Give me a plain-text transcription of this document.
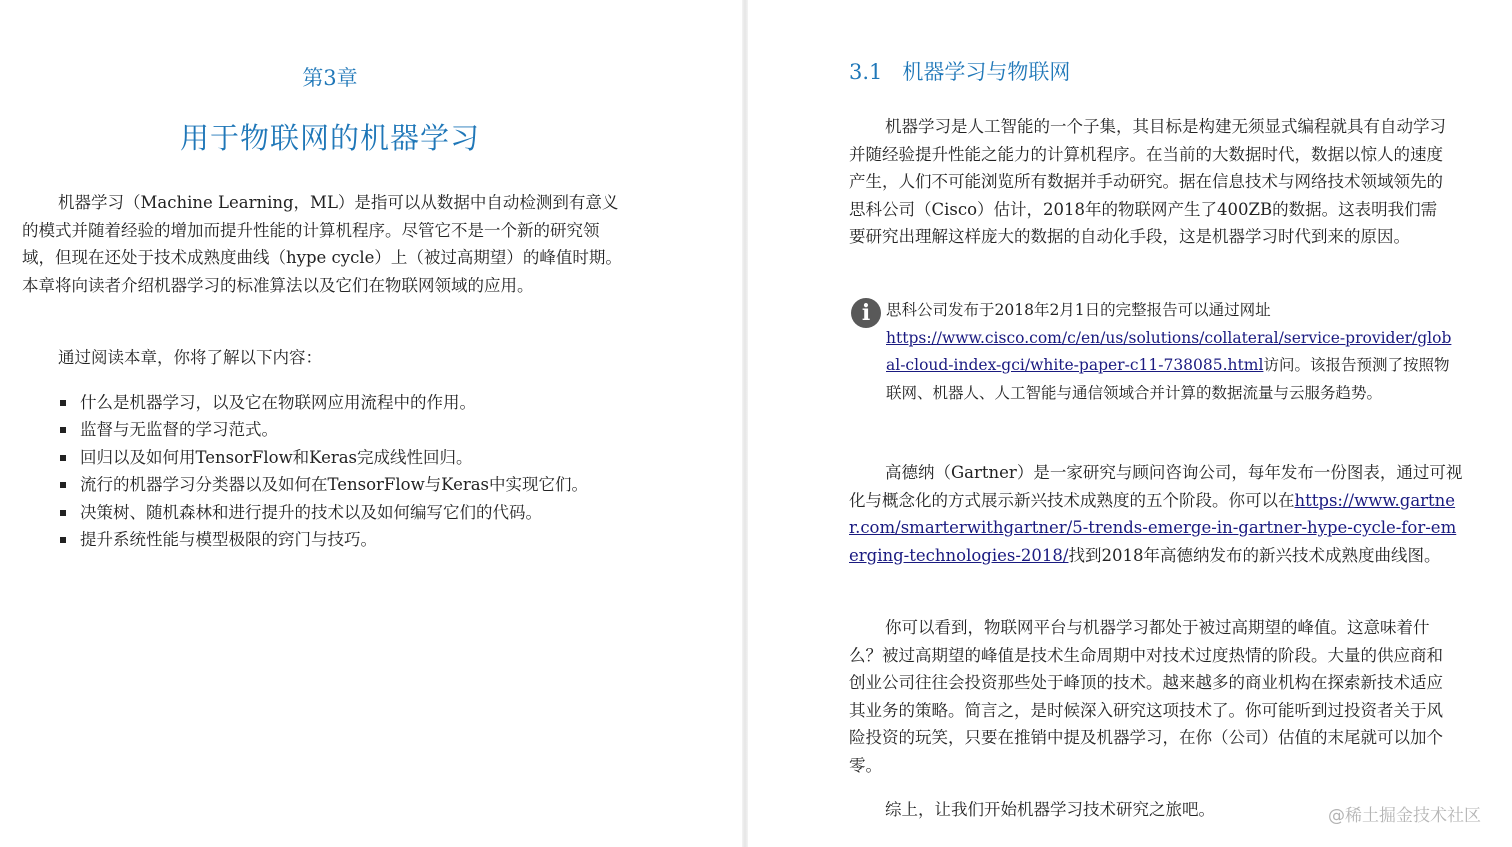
第3章
用于物联网的机器学习

机器学习（Machine Learning，ML）是指可以从数据中自动检测到有意义的模式并随着经验的增加而提升性能的计算机程序。尽管它不是一个新的研究领域，但现在还处于技术成熟度曲线（hype cycle）上（被过高期望）的峰值时期。本章将向读者介绍机器学习的标准算法以及它们在物联网领域的应用。

通过阅读本章，你将了解以下内容：

什么是机器学习，以及它在物联网应用流程中的作用。
监督与无监督的学习范式。
回归以及如何用TensorFlow和Keras完成线性回归。
流行的机器学习分类器以及如何在TensorFlow与Keras中实现它们。
决策树、随机森林和进行提升的技术以及如何编写它们的代码。
提升系统性能与模型极限的窍门与技巧。
3.1 机器学习与物联网

机器学习是人工智能的一个子集，其目标是构建无须显式编程就具有自动学习并随经验提升性能之能力的计算机程序。在当前的大数据时代，数据以惊人的速度产生，人们不可能浏览所有数据并手动研究。据在信息技术与网络技术领域领先的思科公司（Cisco）估计，2018年的物联网产生了400ZB的数据。这表明我们需要研究出理解这样庞大的数据的自动化手段，这是机器学习时代到来的原因。

i	思科公司发布于2018年2月1日的完整报告可以通过网址
https://www.cisco.com/c/en/us/solutions/collateral/service-provider/global-cloud-index-gci/white-paper-c11-738085.html访问。该报告预测了按照物联网、机器人、人工智能与通信领域合并计算的数据流量与云服务趋势。

高德纳（Gartner）是一家研究与顾问咨询公司，每年发布一份图表，通过可视化与概念化的方式展示新兴技术成熟度的五个阶段。你可以在https://www.gartner.com/smarterwithgartner/5-trends-emerge-in-gartner-hype-cycle-for-emerging-technologies-2018/找到2018年高德纳发布的新兴技术成熟度曲线图。

你可以看到，物联网平台与机器学习都处于被过高期望的峰值。这意味着什么？被过高期望的峰值是技术生命周期中对技术过度热情的阶段。大量的供应商和创业公司往往会投资那些处于峰顶的技术。越来越多的商业机构在探索新技术适应其业务的策略。简言之，是时候深入研究这项技术了。你可能听到过投资者关于风险投资的玩笑，只要在推销中提及机器学习，在你（公司）估值的末尾就可以加个零。

综上，让我们开始机器学习技术研究之旅吧。	@稀土掘金技术社区
